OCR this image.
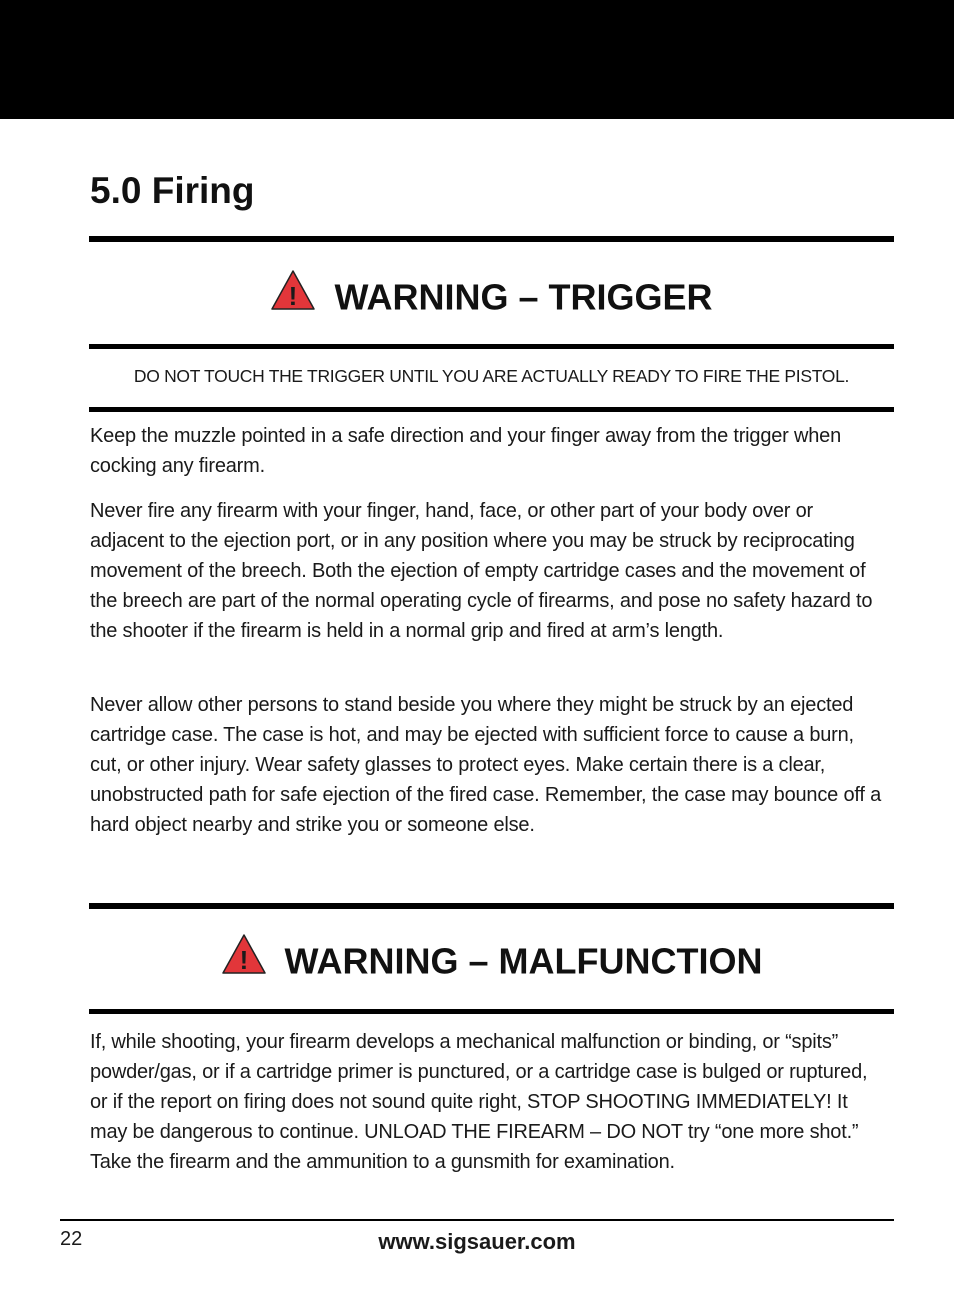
5.0 Firing
! WARNING – TRIGGER
DO NOT TOUCH THE TRIGGER UNTIL YOU ARE ACTUALLY READY TO FIRE THE PISTOL.

Keep the muzzle pointed in a safe direction and your finger away from the trigger when cocking any firearm.

Never fire any firearm with your finger, hand, face, or other part of your body over or adjacent to the ejection port, or in any position where you may be struck by reciprocating movement of the breech. Both the ejection of empty cartridge cases and the movement of the breech are part of the normal operating cycle of firearms, and pose no safety hazard to the shooter if the firearm is held in a normal grip and fired at arm’s length.

Never allow other persons to stand beside you where they might be struck by an ejected cartridge case. The case is hot, and may be ejected with sufficient force to cause a burn, cut, or other injury. Wear safety glasses to protect eyes. Make certain there is a clear, unobstructed path for safe ejection of the fired case. Remember, the case may bounce off a hard object nearby and strike you or someone else.

! WARNING – MALFUNCTION

If, while shooting, your firearm develops a mechanical malfunction or binding, or “spits” powder/gas, or if a cartridge primer is punctured, or a cartridge case is bulged or ruptured, or if the report on firing does not sound quite right, STOP SHOOTING IMMEDIATELY! It may be dangerous to continue. UNLOAD THE FIREARM – DO NOT try “one more shot.” Take the firearm and the ammunition to a gunsmith for examination.

22	www.sigsauer.com
